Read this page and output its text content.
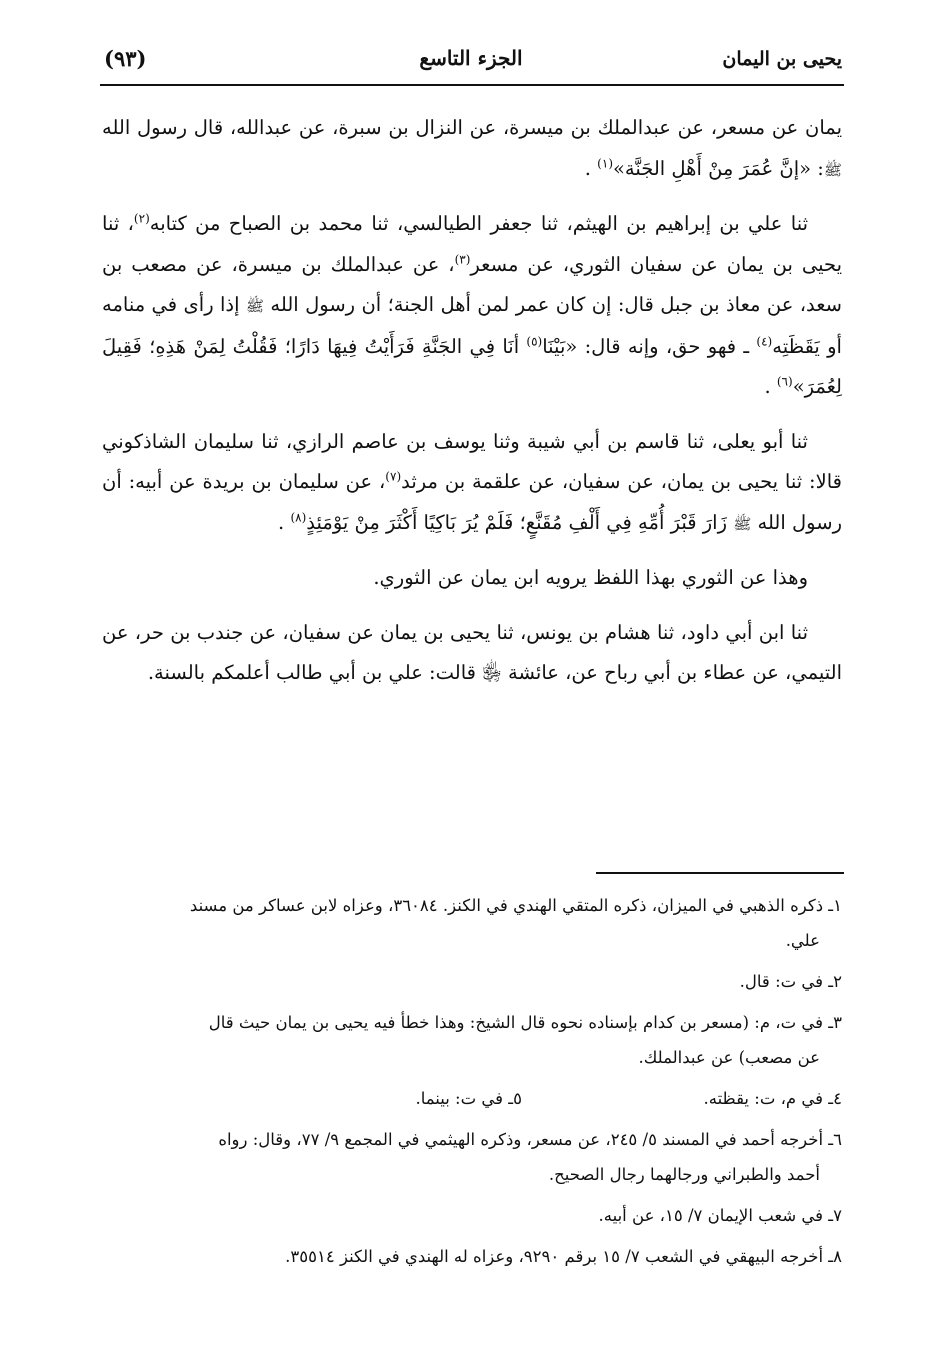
يحيى بن اليمان
الجزء التاسع
(٩٣)

يمان عن مسعر، عن عبدالملك بن ميسرة، عن النزال بن سبرة، عن عبدالله، قال رسول الله ﷺ: «إنَّ عُمَرَ مِنْ أَهْلِ الجَنَّة»$^{(١)}$ .

ثنا علي بن إبراهيم بن الهيثم، ثنا جعفر الطيالسي، ثنا محمد بن الصباح من كتابه$^{(٢)}$، ثنا يحيى بن يمان عن سفيان الثوري، عن مسعر$^{(٣)}$، عن عبدالملك بن ميسرة، عن مصعب بن سعد، عن معاذ بن جبل قال: إن كان عمر لمن أهل الجنة؛ أن رسول الله ﷺ إذا رأى في منامه أو يَقَظَتِه$^{(٤)}$ ـ فهو حق، وإنه قال: «بَيْنَا$^{(٥)}$ أنَا فِي الجَنَّةِ فَرَأَيْتُ فِيهَا دَارًا؛ فَقُلْتُ لِمَنْ هَذِهِ؛ فَقِيلَ لِعُمَرَ»$^{(٦)}$ .

ثنا أبو يعلى، ثنا قاسم بن أبي شيبة وثنا يوسف بن عاصم الرازي، ثنا سليمان الشاذكوني قالا: ثنا يحيى بن يمان، عن سفيان، عن علقمة بن مرثد$^{(٧)}$، عن سليمان بن بريدة عن أبيه: أن رسول الله ﷺ زَارَ قَبْرَ أُمِّهِ فِي أَلْفِ مُقَنَّعٍ؛ فَلَمْ يُرَ بَاكِيًا أَكْثَرَ مِنْ يَوْمَئِذٍ$^{(٨)}$ .

وهذا عن الثوري بهذا اللفظ يرويه ابن يمان عن الثوري.

ثنا ابن أبي داود، ثنا هشام بن يونس، ثنا يحيى بن يمان عن سفيان، عن جندب بن حر، عن التيمي، عن عطاء بن أبي رباح عن، عائشة ﵂ قالت: علي بن أبي طالب أعلمكم بالسنة.

١ـ ذكره الذهبي في الميزان، ذكره المتقي الهندي في الكنز. ٣٦٠٨٤، وعزاه لابن عساكر من مسند
علي.
٢ـ في ت: قال.
٣ـ في ت، م: (مسعر بن كدام بإسناده نحوه قال الشيخ: وهذا خطأ فيه يحيى بن يمان حيث قال
عن مصعب) عن عبدالملك.
٤ـ في م، ت: يقظته.
٥ـ في ت: بينما.
٦ـ أخرجه أحمد في المسند ٥/ ٢٤٥، عن مسعر، وذكره الهيثمي في المجمع ٩/ ٧٧، وقال: رواه
أحمد والطبراني ورجالهما رجال الصحيح.
٧ـ في شعب الإيمان ٧/ ١٥، عن أبيه.
٨ـ أخرجه البيهقي في الشعب ٧/ ١٥ برقم ٩٢٩٠، وعزاه له الهندي في الكنز ٣٥٥١٤.
